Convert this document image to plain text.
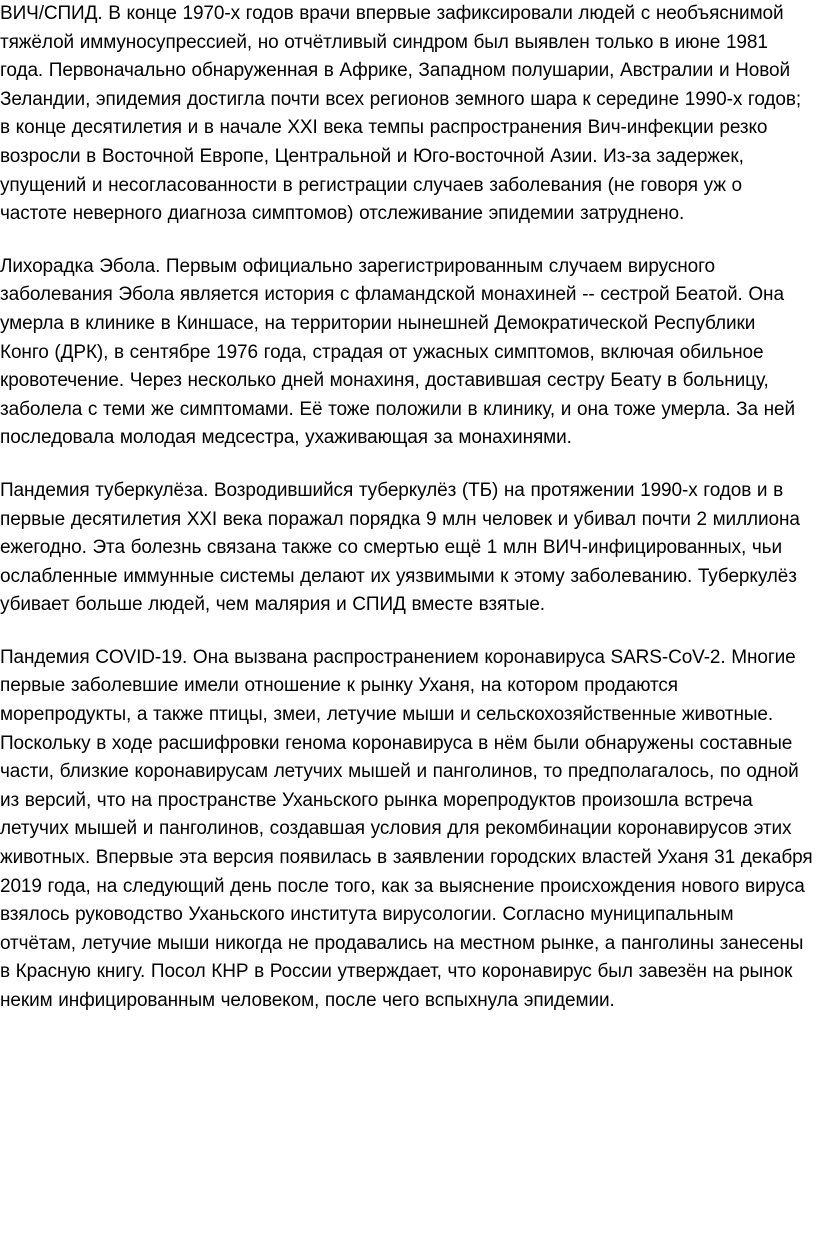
ВИЧ/СПИД. В конце 1970-х годов врачи впервые зафиксировали людей с необъяснимой
тяжёлой иммуносупрессией, но отчётливый синдром был выявлен только в июне 1981
года. Первоначально обнаруженная в Африке, Западном полушарии, Австралии и Новой
Зеландии, эпидемия достигла почти всех регионов земного шара к середине 1990-х годов;
в конце десятилетия и в начале XXI века темпы распространения Вич-инфекции резко
возросли в Восточной Европе, Центральной и Юго-восточной Азии. Из-за задержек,
упущений и несогласованности в регистрации случаев заболевания (не говоря уж о
частоте неверного диагноза симптомов) отслеживание эпидемии затруднено.

Лихорадка Эбола. Первым официально зарегистрированным случаем вирусного
заболевания Эбола является история с фламандской монахиней -- сестрой Беатой. Она
умерла в клинике в Киншасе, на территории нынешней Демократической Республики
Конго (ДРК), в сентябре 1976 года, страдая от ужасных симптомов, включая обильное
кровотечение. Через несколько дней монахиня, доставившая сестру Беату в больницу,
заболела с теми же симптомами. Её тоже положили в клинику, и она тоже умерла. За ней
последовала молодая медсестра, ухаживающая за монахинями.

Пандемия туберкулёза. Возродившийся туберкулёз (ТБ) на протяжении 1990-х годов и в
первые десятилетия XXI века поражал порядка 9 млн человек и убивал почти 2 миллиона
ежегодно. Эта болезнь связана также со смертью ещё 1 млн ВИЧ-инфицированных, чьи
ослабленные иммунные системы делают их уязвимыми к этому заболеванию. Туберкулёз
убивает больше людей, чем малярия и СПИД вместе взятые.

Пандемия COVID-19. Она вызвана распространением коронавируса SARS-CoV-2. Многие
первые заболевшие имели отношение к рынку Уханя, на котором продаются
морепродукты, а также птицы, змеи, летучие мыши и сельскохозяйственные животные.
Поскольку в ходе расшифровки генома коронавируса в нём были обнаружены составные
части, близкие коронавирусам летучих мышей и панголинов, то предполагалось, по одной
из версий, что на пространстве Уханьского рынка морепродуктов произошла встреча
летучих мышей и панголинов, создавшая условия для рекомбинации коронавирусов этих
животных. Впервые эта версия появилась в заявлении городских властей Уханя 31 декабря
2019 года, на следующий день после того, как за выяснение происхождения нового вируса
взялось руководство Уханьского института вирусологии. Согласно муниципальным
отчётам, летучие мыши никогда не продавались на местном рынке, а панголины занесены
в Красную книгу. Посол КНР в России утверждает, что коронавирус был завезён на рынок
неким инфицированным человеком, после чего вспыхнула эпидемии.
